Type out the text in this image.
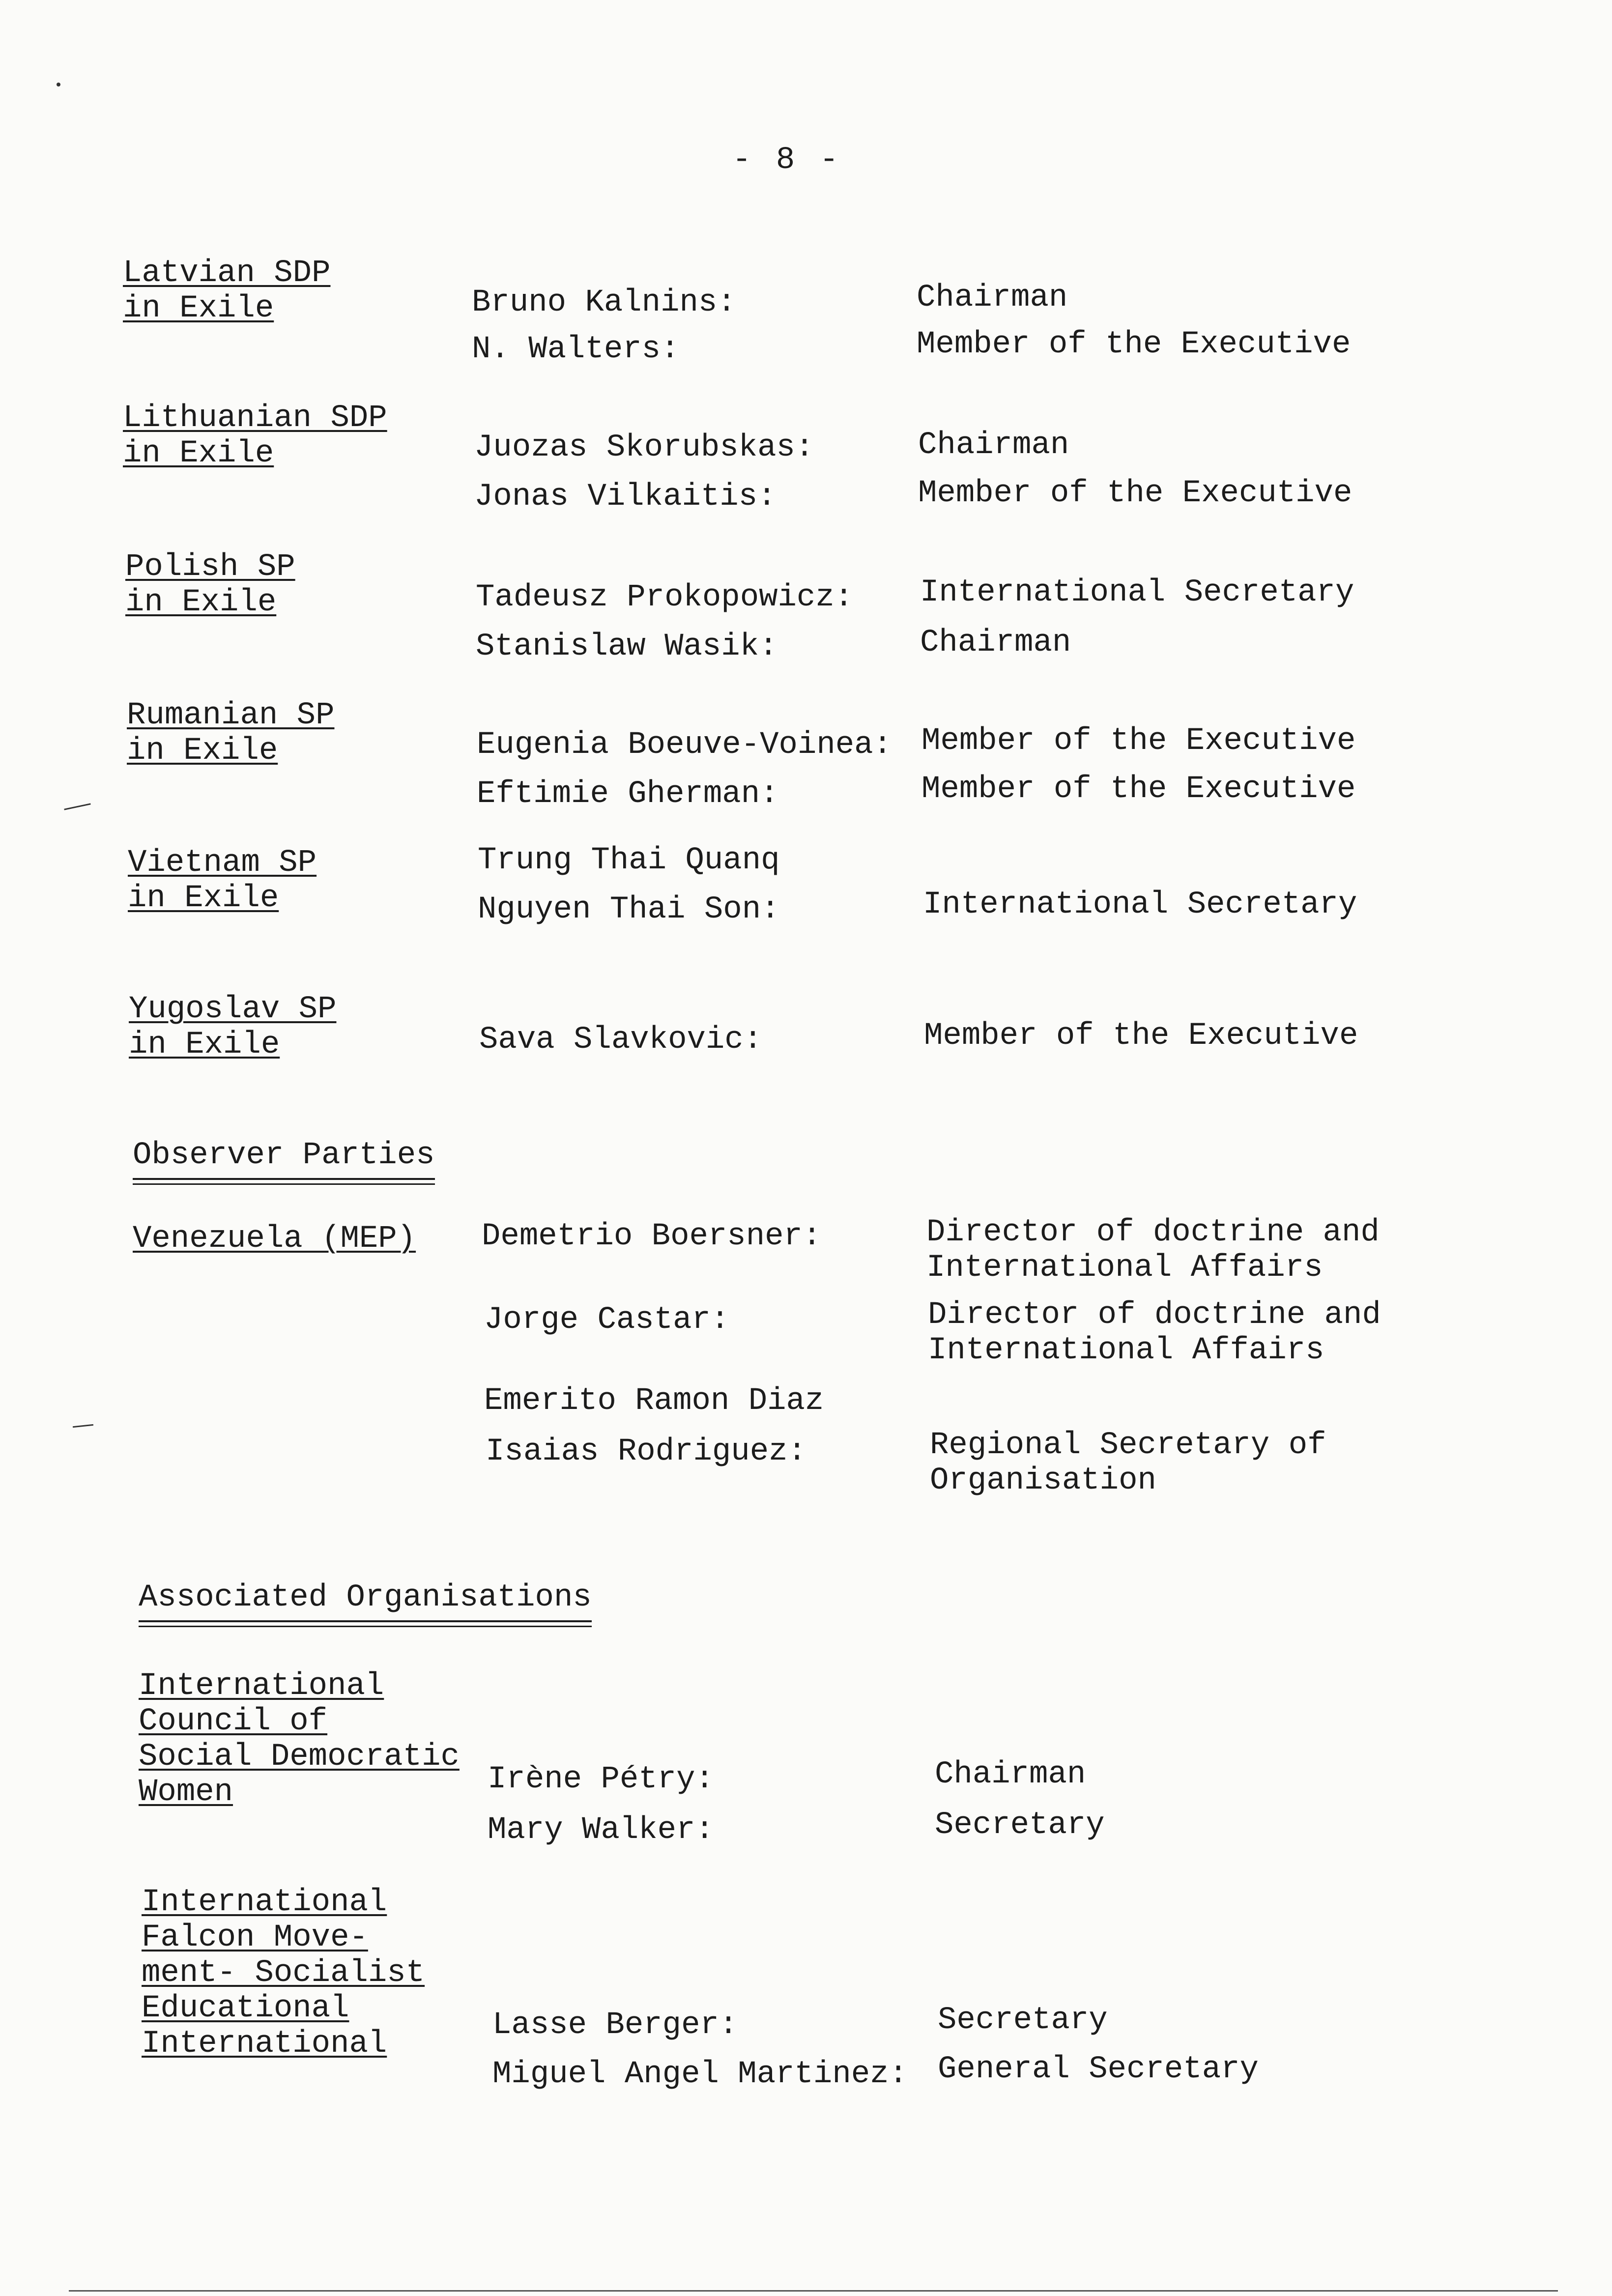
- 8 -
Latvian SDP
in Exile	Bruno Kalnins:	Chairman
N. Walters:	Member of the Executive
Lithuanian SDP
in Exile	Juozas Skorubskas:	Chairman
Jonas Vilkaitis:	Member of the Executive
Polish SP
in Exile	Tadeusz Prokopowicz: International Secretary
Stanislaw Wasik:	Chairman
Rumanian SP
in Exile	Eugenia Boeuve-Voinea: Member of the Executive
Eftimie Gherman:	Member of the Executive
Vietnam SP
in Exile
Trung Thai Quanq
Nguyen Thai Son:	International Secretary
Yugoslav SP
in Exile	Sava Slavkovic:	Member of the Executive
Observer Parties
Venezuela (MEP) Demetrio Boersner:	Director of doctrine and International Affairs
Jorge Castar:	Director of doctrine and International Affairs
Emerito Ramon Diaz
Isaias Rodriguez:	Regional Secretary of Organisation
Associated Organisations
International
Council of
Social Democratic
Women	Irène Pétry:	Chairman
Mary Walker:	Secretary
International
Falcon Move-
ment- Socialist
Educational
International
Lasse Berger:	Secretary
Miguel Angel Martinez: General Secretary
